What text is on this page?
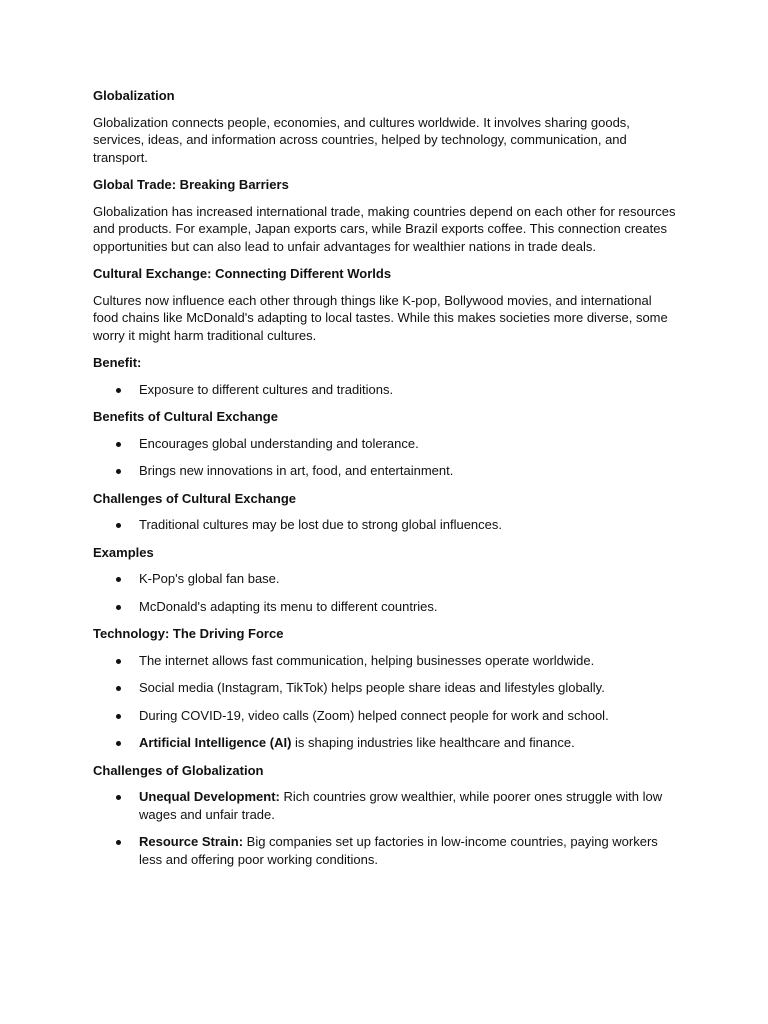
Globalization

Globalization connects people, economies, and cultures worldwide. It involves sharing goods, services, ideas, and information across countries, helped by technology, communication, and transport.

Global Trade: Breaking Barriers

Globalization has increased international trade, making countries depend on each other for resources and products. For example, Japan exports cars, while Brazil exports coffee. This connection creates opportunities but can also lead to unfair advantages for wealthier nations in trade deals.

Cultural Exchange: Connecting Different Worlds

Cultures now influence each other through things like K-pop, Bollywood movies, and international food chains like McDonald's adapting to local tastes. While this makes societies more diverse, some worry it might harm traditional cultures.

Benefit:
Exposure to different cultures and traditions.
Benefits of Cultural Exchange
Encourages global understanding and tolerance.
Brings new innovations in art, food, and entertainment.
Challenges of Cultural Exchange
Traditional cultures may be lost due to strong global influences.
Examples
K-Pop's global fan base.
McDonald's adapting its menu to different countries.
Technology: The Driving Force
The internet allows fast communication, helping businesses operate worldwide.
Social media (Instagram, TikTok) helps people share ideas and lifestyles globally.
During COVID-19, video calls (Zoom) helped connect people for work and school.
Artificial Intelligence (AI) is shaping industries like healthcare and finance.
Challenges of Globalization
Unequal Development: Rich countries grow wealthier, while poorer ones struggle with low wages and unfair trade.
Resource Strain: Big companies set up factories in low-income countries, paying workers less and offering poor working conditions.
